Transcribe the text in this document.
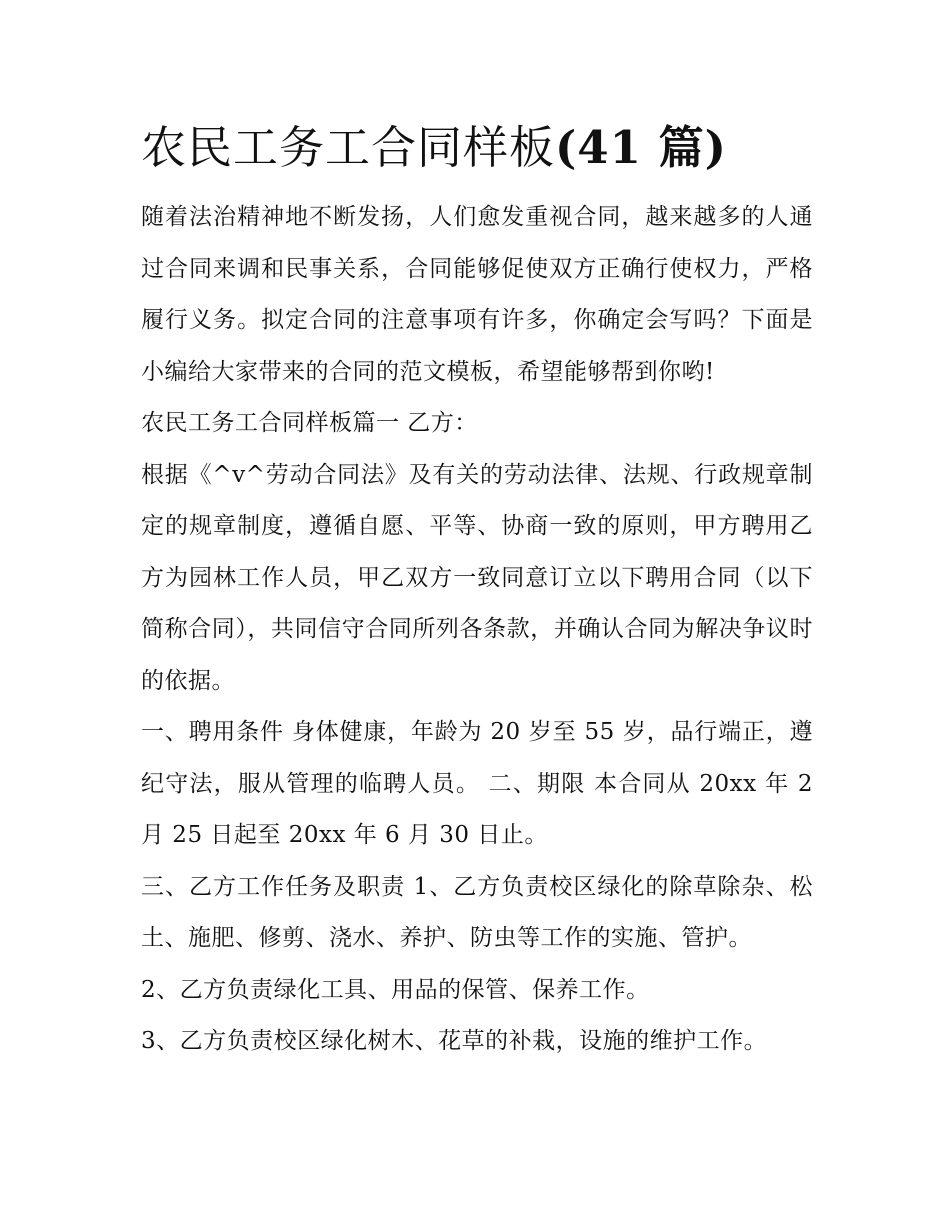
农民工务工合同样板(41 篇)

随着法治精神地不断发扬，人们愈发重视合同，越来越多的人通过合同来调和民事关系，合同能够促使双方正确行使权力，严格履行义务。拟定合同的注意事项有许多，你确定会写吗？下面是小编给大家带来的合同的范文模板，希望能够帮到你哟!

农民工务工合同样板篇一 乙方：

根据《^v^劳动合同法》及有关的劳动法律、法规、行政规章制定的规章制度，遵循自愿、平等、协商一致的原则，甲方聘用乙方为园林工作人员，甲乙双方一致同意订立以下聘用合同（以下简称合同），共同信守合同所列各条款，并确认合同为解决争议时的依据。

一、聘用条件 身体健康，年龄为 20 岁至 55 岁，品行端正，遵纪守法，服从管理的临聘人员。 二、期限 本合同从 20xx 年 2 月 25 日起至 20xx 年 6 月 30 日止。

三、乙方工作任务及职责 1、乙方负责校区绿化的除草除杂、松土、施肥、修剪、浇水、养护、防虫等工作的实施、管护。

2、乙方负责绿化工具、用品的保管、保养工作。

3、乙方负责校区绿化树木、花草的补栽，设施的维护工作。
